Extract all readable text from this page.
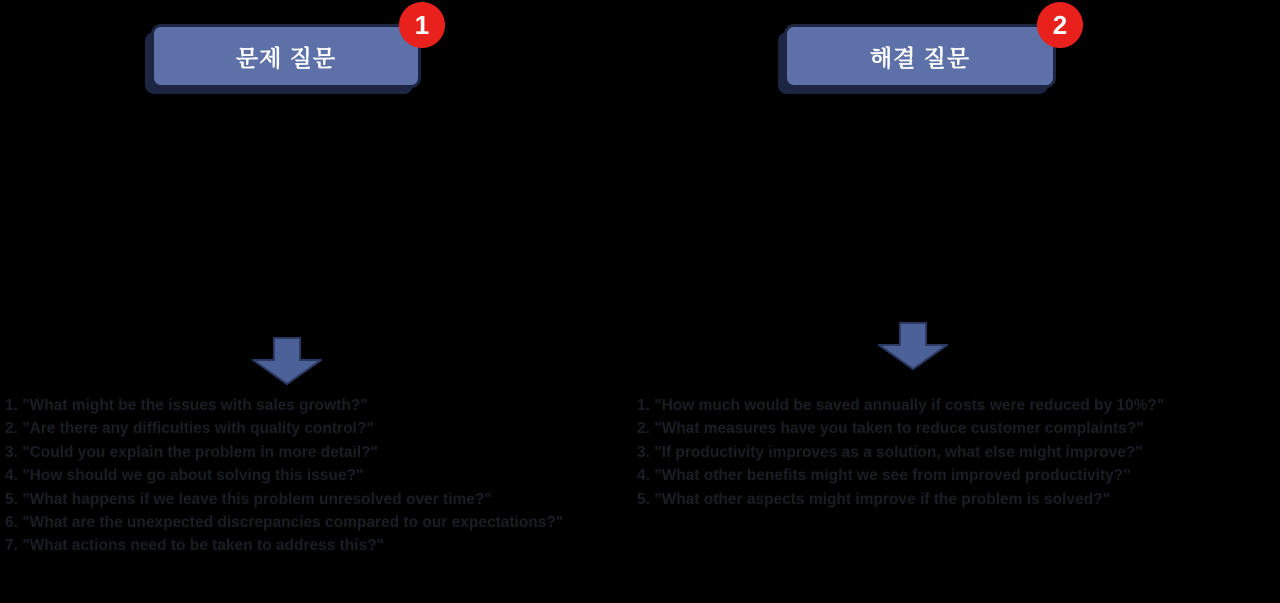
문제 질문
1
1. "What might be the issues with sales growth?"
2. "Are there any difficulties with quality control?"
3. "Could you explain the problem in more detail?"
4. "How should we go about solving this issue?"
5. "What happens if we leave this problem unresolved over time?"
6. "What are the unexpected discrepancies compared to our expectations?"
7. "What actions need to be taken to address this?"
해결 질문
2
1. "How much would be saved annually if costs were reduced by 10%?"
2. "What measures have you taken to reduce customer complaints?"
3. "If productivity improves as a solution, what else might improve?"
4. "What other benefits might we see from improved productivity?"
5. "What other aspects might improve if the problem is solved?"
